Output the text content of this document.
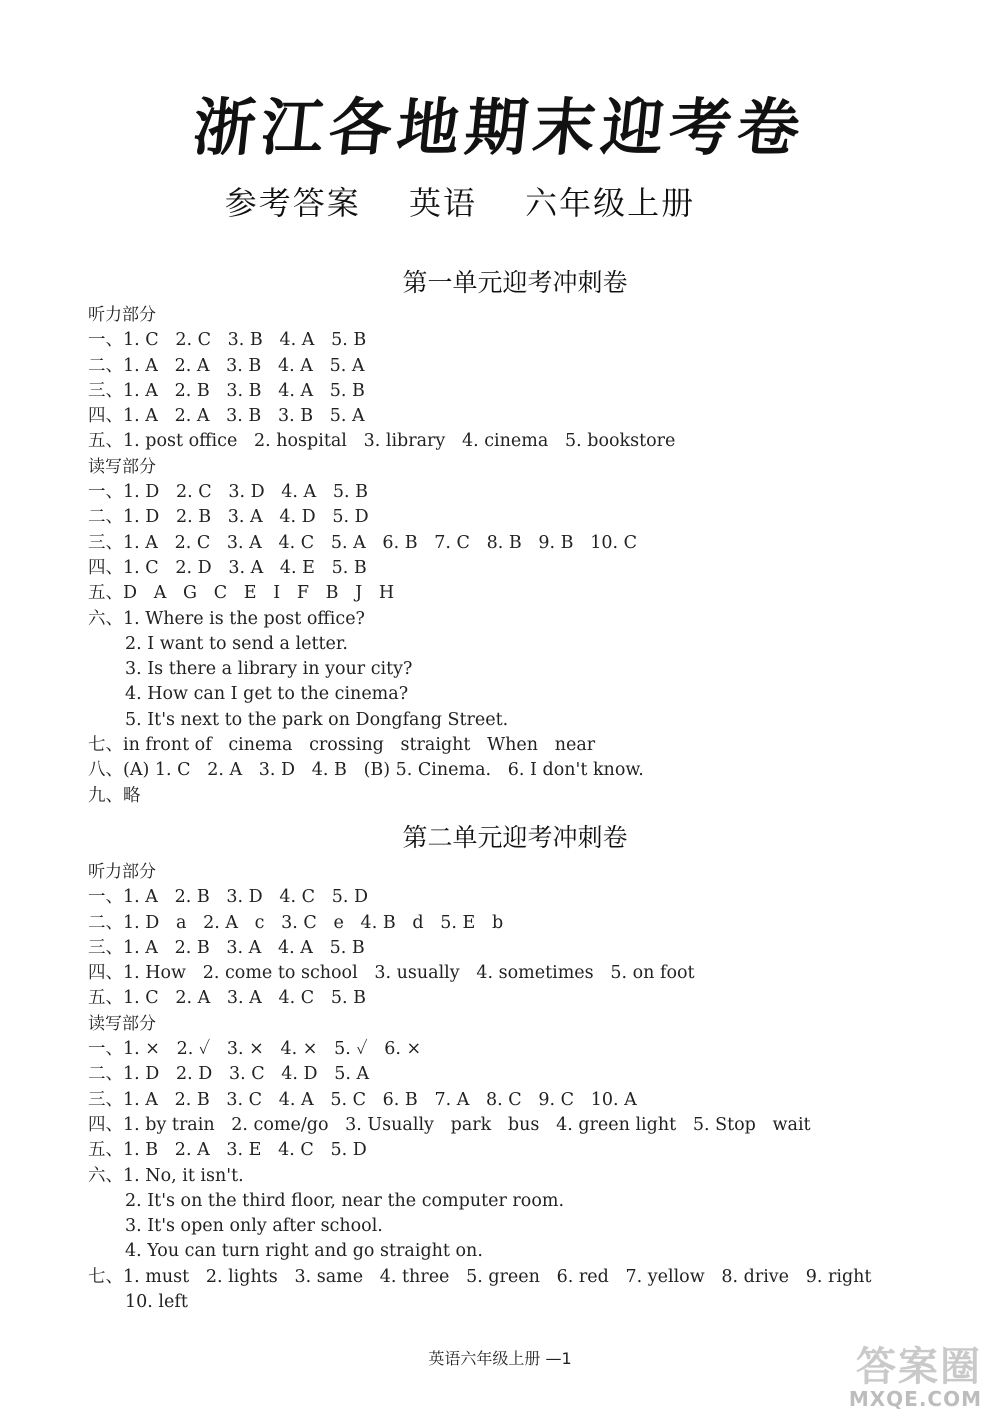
浙江各地期末迎考卷
参考答案 英语 六年级上册
第一单元迎考冲刺卷
听力部分
一、1. C   2. C   3. B   4. A   5. B
二、1. A   2. A   3. B   4. A   5. A
三、1. A   2. B   3. B   4. A   5. B
四、1. A   2. A   3. B   3. B   5. A
五、1. post office   2. hospital   3. library   4. cinema   5. bookstore
读写部分
一、1. D   2. C   3. D   4. A   5. B
二、1. D   2. B   3. A   4. D   5. D
三、1. A   2. C   3. A   4. C   5. A   6. B   7. C   8. B   9. B   10. C
四、1. C   2. D   3. A   4. E   5. B
五、D   A   G   C   E   I   F   B   J   H
六、1. Where is the post office?
2. I want to send a letter.
3. Is there a library in your city?
4. How can I get to the cinema?
5. It's next to the park on Dongfang Street.
七、in front of   cinema   crossing   straight   When   near
八、(A) 1. C   2. A   3. D   4. B   (B) 5. Cinema.   6. I don't know.
九、略
第二单元迎考冲刺卷
听力部分
一、1. A   2. B   3. D   4. C   5. D
二、1. D   a   2. A   c   3. C   e   4. B   d   5. E   b
三、1. A   2. B   3. A   4. A   5. B
四、1. How   2. come to school   3. usually   4. sometimes   5. on foot
五、1. C   2. A   3. A   4. C   5. B
读写部分
一、1. ×   2. ✓   3. ×   4. ×   5. ✓   6. ×
二、1. D   2. D   3. C   4. D   5. A
三、1. A   2. B   3. C   4. A   5. C   6. B   7. A   8. C   9. C   10. A
四、1. by train   2. come/go   3. Usually   park   bus   4. green light   5. Stop   wait
五、1. B   2. A   3. E   4. C   5. D
六、1. No, it isn't.
2. It's on the third floor, near the computer room.
3. It's open only after school.
4. You can turn right and go straight on.
七、1. must   2. lights   3. same   4. three   5. green   6. red   7. yellow   8. drive   9. right
10. left
英语六年级上册 —1	答案圈
MXQE.COM
